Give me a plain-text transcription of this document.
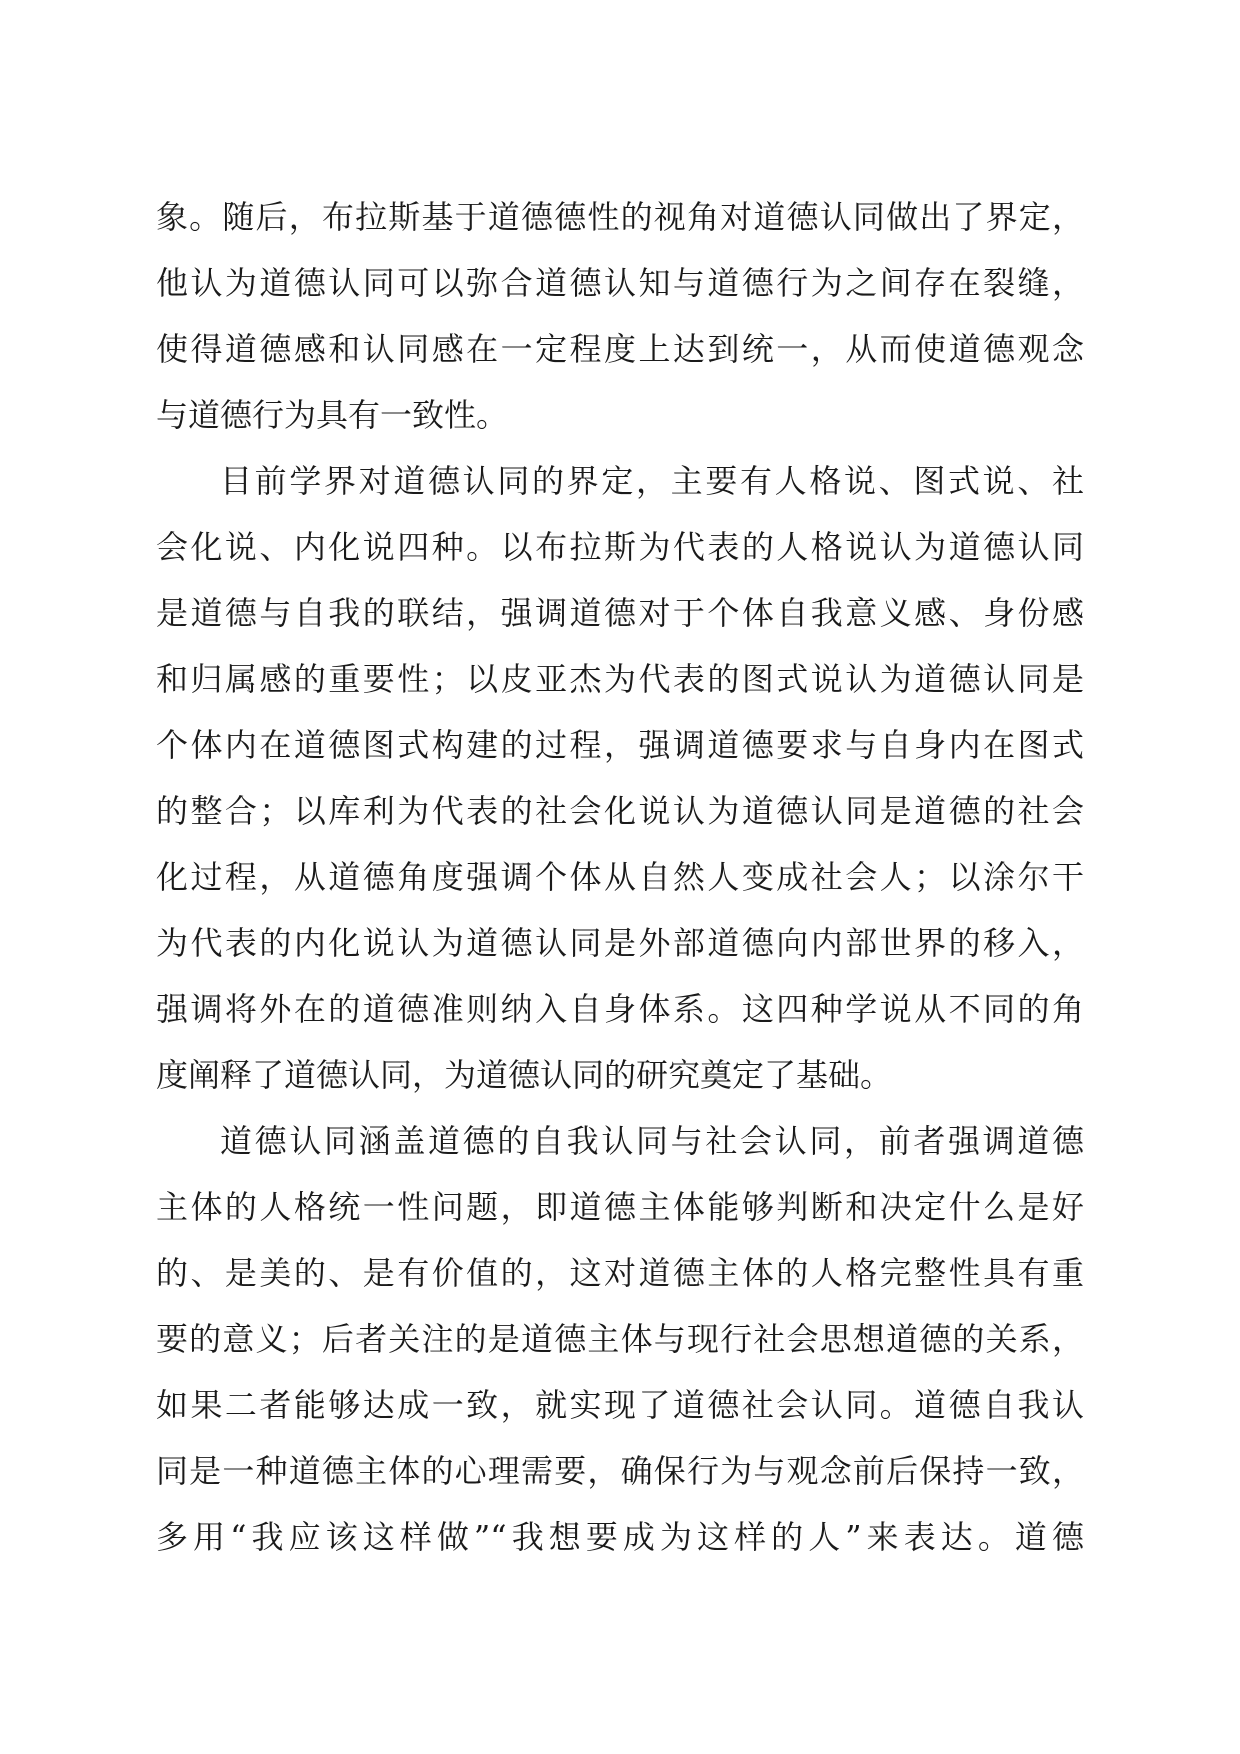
象。随后，布拉斯基于道德德性的视角对道德认同做出了界定，
他认为道德认同可以弥合道德认知与道德行为之间存在裂缝，
使得道德感和认同感在一定程度上达到统一，从而使道德观念
与道德行为具有一致性。
目前学界对道德认同的界定，主要有人格说、图式说、社
会化说、内化说四种。以布拉斯为代表的人格说认为道德认同
是道德与自我的联结，强调道德对于个体自我意义感、身份感
和归属感的重要性；以皮亚杰为代表的图式说认为道德认同是
个体内在道德图式构建的过程，强调道德要求与自身内在图式
的整合；以库利为代表的社会化说认为道德认同是道德的社会
化过程，从道德角度强调个体从自然人变成社会人；以涂尔干
为代表的内化说认为道德认同是外部道德向内部世界的移入，
强调将外在的道德准则纳入自身体系。这四种学说从不同的角
度阐释了道德认同，为道德认同的研究奠定了基础。
道德认同涵盖道德的自我认同与社会认同，前者强调道德
主体的人格统一性问题，即道德主体能够判断和决定什么是好
的、是美的、是有价值的，这对道德主体的人格完整性具有重
要的意义；后者关注的是道德主体与现行社会思想道德的关系，
如果二者能够达成一致，就实现了道德社会认同。道德自我认
同是一种道德主体的心理需要，确保行为与观念前后保持一致，
多用“我应该这样做”“我想要成为这样的人”来表达。道德
